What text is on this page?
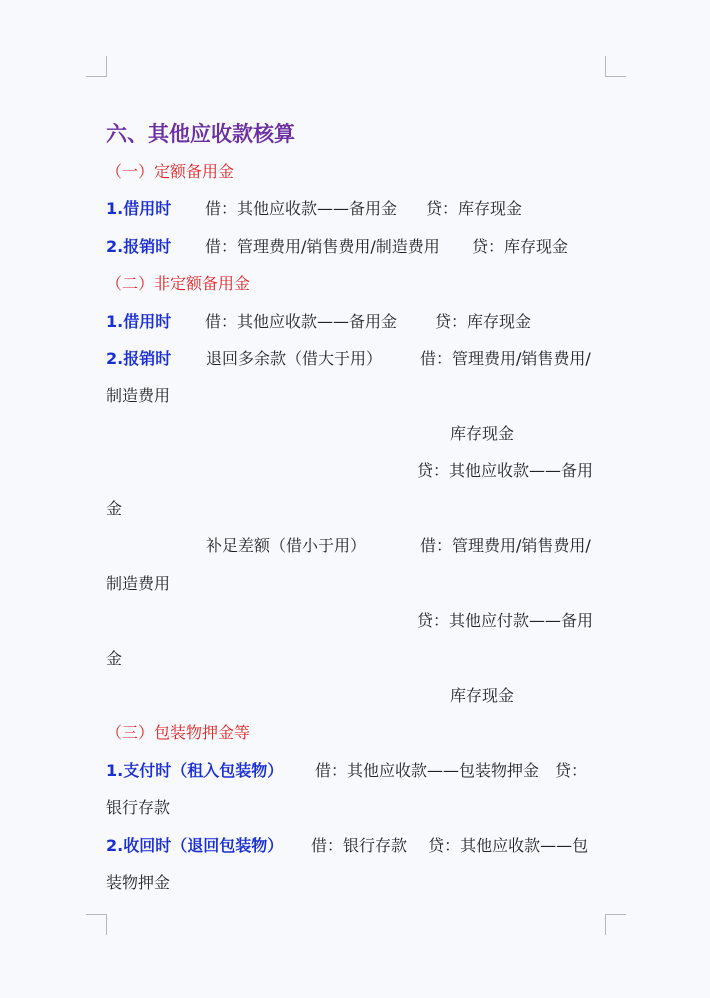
六、其他应收款核算
（一）定额备用金
1.借用时 借：其他应收款——备用金 贷：库存现金
2.报销时 借：管理费用/销售费用/制造费用 贷：库存现金
（二）非定额备用金
1.借用时 借：其他应收款——备用金 贷：库存现金
2.报销时 退回多余款（借大于用） 借：管理费用/销售费用/
制造费用
库存现金
贷：其他应收款——备用
金
补足差额（借小于用）	借：管理费用/销售费用/
制造费用
贷：其他应付款——备用
金
库存现金
（三）包装物押金等
1.支付时（租入包装物） 借：其他应收款——包装物押金　贷：
银行存款
2.收回时（退回包装物） 借：银行存款　 贷：其他应收款——包
装物押金
